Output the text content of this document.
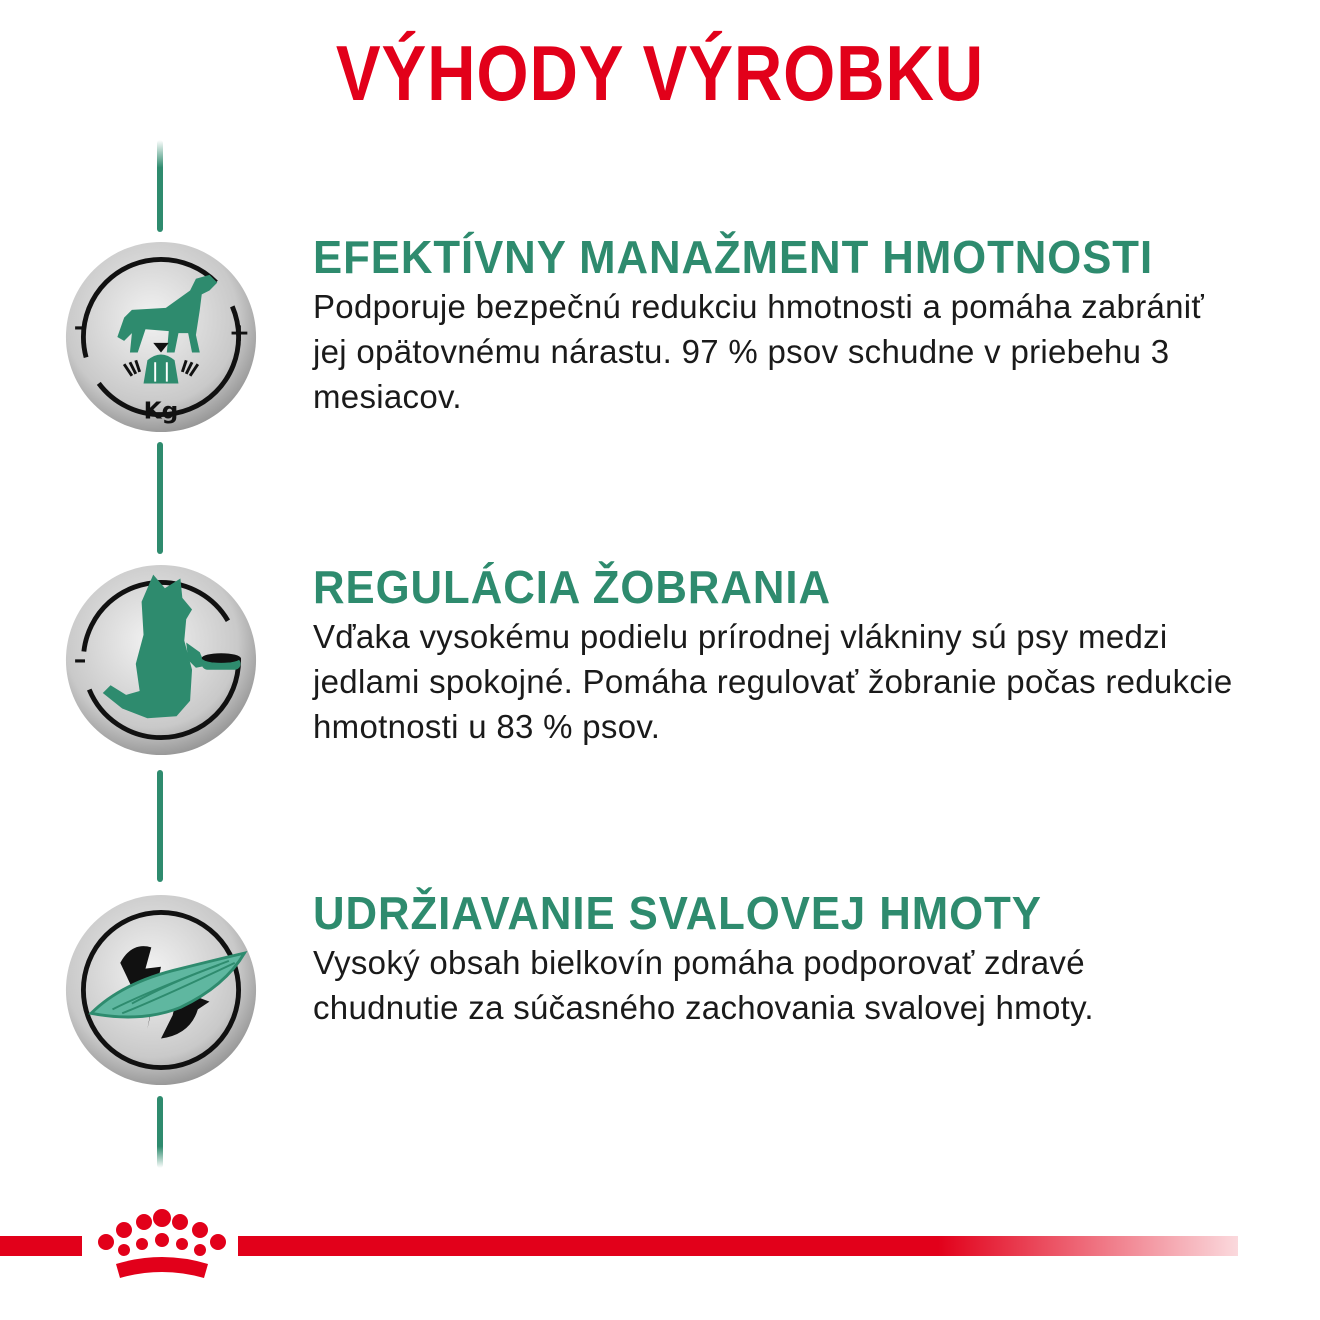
VÝHODY VÝROBKU
–	+
Kg
–
EFEKTÍVNY MANAŽMENT HMOTNOSTI

Podporuje bezpečnú redukciu hmotnosti a pomáha zabrániť jej opätovnému nárastu. 97 % psov schudne v priebehu 3 mesiacov.

REGULÁCIA ŽOBRANIA

Vďaka vysokému podielu prírodnej vlákniny sú psy medzi jedlami spokojné. Pomáha regulovať žobranie počas redukcie hmotnosti u 83 % psov.

UDRŽIAVANIE SVALOVEJ HMOTY

Vysoký obsah bielkovín pomáha podporovať zdravé chudnutie za súčasného zachovania svalovej hmoty.
